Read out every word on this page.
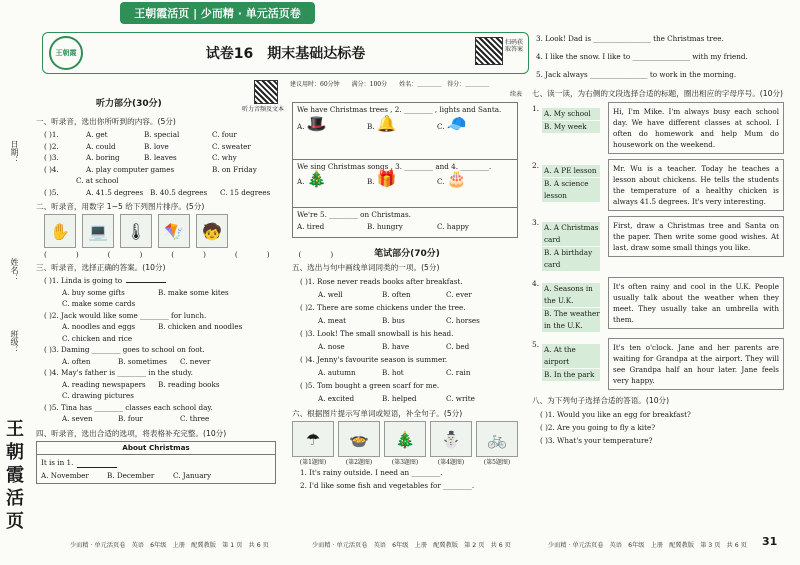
王朝霞活页 | 少而精 · 单元活页卷
日期：
姓名：
班级：
王朝霞活页
王朝霞	试卷16　期末基础达标卷
扫码获取答案
听力部分(30分)
听力音频及文本
一、听录音，选出你所听到的内容。(5分)
( )1.	A. get	B. special	C. four
( )2.	A. could	B. love	C. sweater
( )3.	A. boring	B. leaves	C. why
( )4.	A. play computer games	B. on Friday
C. at school
( )5.	A. 41.5 degrees B. 40.5 degrees	C. 15 degrees
二、听录音，用数字 1~5 给下列图片排序。(5分)
✋	💻	🌡	🪁	🧒
(	)	(	)	(	)	(	)	(	)
三、听录音，选择正确的答案。(10分)
( )1. Linda is going to
A. buy some gifts	B. make some kites
C. make some cards
( )2. Jack would like some ________ for lunch.
A. noodles and eggs	B. chicken and noodles
C. chicken and rice
( )3. Daming ________ goes to school on foot.
A. often	B. sometimes	C. never
( )4. May's father is ________ in the study.
A. reading newspapers	B. reading books
C. drawing pictures
( )5. Tina has ________ classes each school day.
A. seven	B. four	C. three
四、听录音，选出合适的选项，将表格补充完整。(10分)
About Christmas
It is in 1.
A. November	B. December	C. January
建议用时：60分钟　　满分：100分　　姓名：＿＿＿＿　得分：＿＿＿＿
续表
We have Christmas trees , 2. ________ , lights and Santa.
A. 🎩	B. 🔔	C. 🧢
We sing Christmas songs , 3. ________ and 4. ________.
A. 🎄	B. 🎁	C. 🎂
We're 5. ________ on Christmas.
A. tired	B. hungry	C. happy
笔试部分(70分)
五、选出与句中画线单词同类的一项。(5分)
( )1. Rose never reads books after breakfast.
A. well	B. often	C. ever
( )2. There are some chickens under the tree.
A. meat	B. bus	C. horses
( )3. Look! The small snowball is his head.
A. nose	B. have	C. bed
( )4. Jenny's favourite season is summer.
A. autumn	B. hot	C. rain
( )5. Tom bought a green scarf for me.
A. excited	B. helped	C. write
六、根据图片提示写单词或短语，补全句子。(5分)
☂
(第1题图)
🍲
(第2题图)
🎄
(第3题图)
⛄
(第4题图)
🚲
(第5题图)
1. It's rainy outside. I need an ________.
2. I'd like some fish and vegetables for ________.
3. Look! Dad is ________________ the Christmas tree.
4. I like the snow. I like to ________________ with my friend.
5. Jack always ________________ to work in the morning.
七、读一读，为右侧的文段选择合适的标题，圈出相应的字母序号。(10分)
1.
A. My school
B. My week
Hi, I'm Mike. I'm always busy each school day. We have different classes at school. I often do homework and help Mum do housework on the weekend.
2.
A. A PE lesson
B. A science lesson
Mr. Wu is a teacher. Today he teaches a lesson about chickens. He tells the students the temperature of a healthy chicken is always 41.5 degrees. It's very interesting.
3.
A. A Christmas card
B. A birthday card
First, draw a Christmas tree and Santa on the paper. Then write some good wishes. At last, draw some small things you like.
4.
A. Seasons in the U.K.
B. The weather in the U.K.
It's often rainy and cool in the U.K. People usually talk about the weather when they meet. They usually take an umbrella with them.
5.
A. At the airport
B. In the park
It's ten o'clock. Jane and her parents are waiting for Grandpa at the airport. They will see Grandpa half an hour later. Jane feels very happy.
八、为下列句子选择合适的答语。(10分)
( )1. Would you like an egg for breakfast?
( )2. Are you going to fly a kite?
( )3. What's your temperature?
少而精 · 单元活页卷　英语　6年级　上册　配冀教版　第 1 页　共 6 页	少而精 · 单元活页卷　英语　6年级　上册　配冀教版　第 2 页　共 6 页	少而精 · 单元活页卷　英语　6年级　上册　配冀教版　第 3 页　共 6 页 31
